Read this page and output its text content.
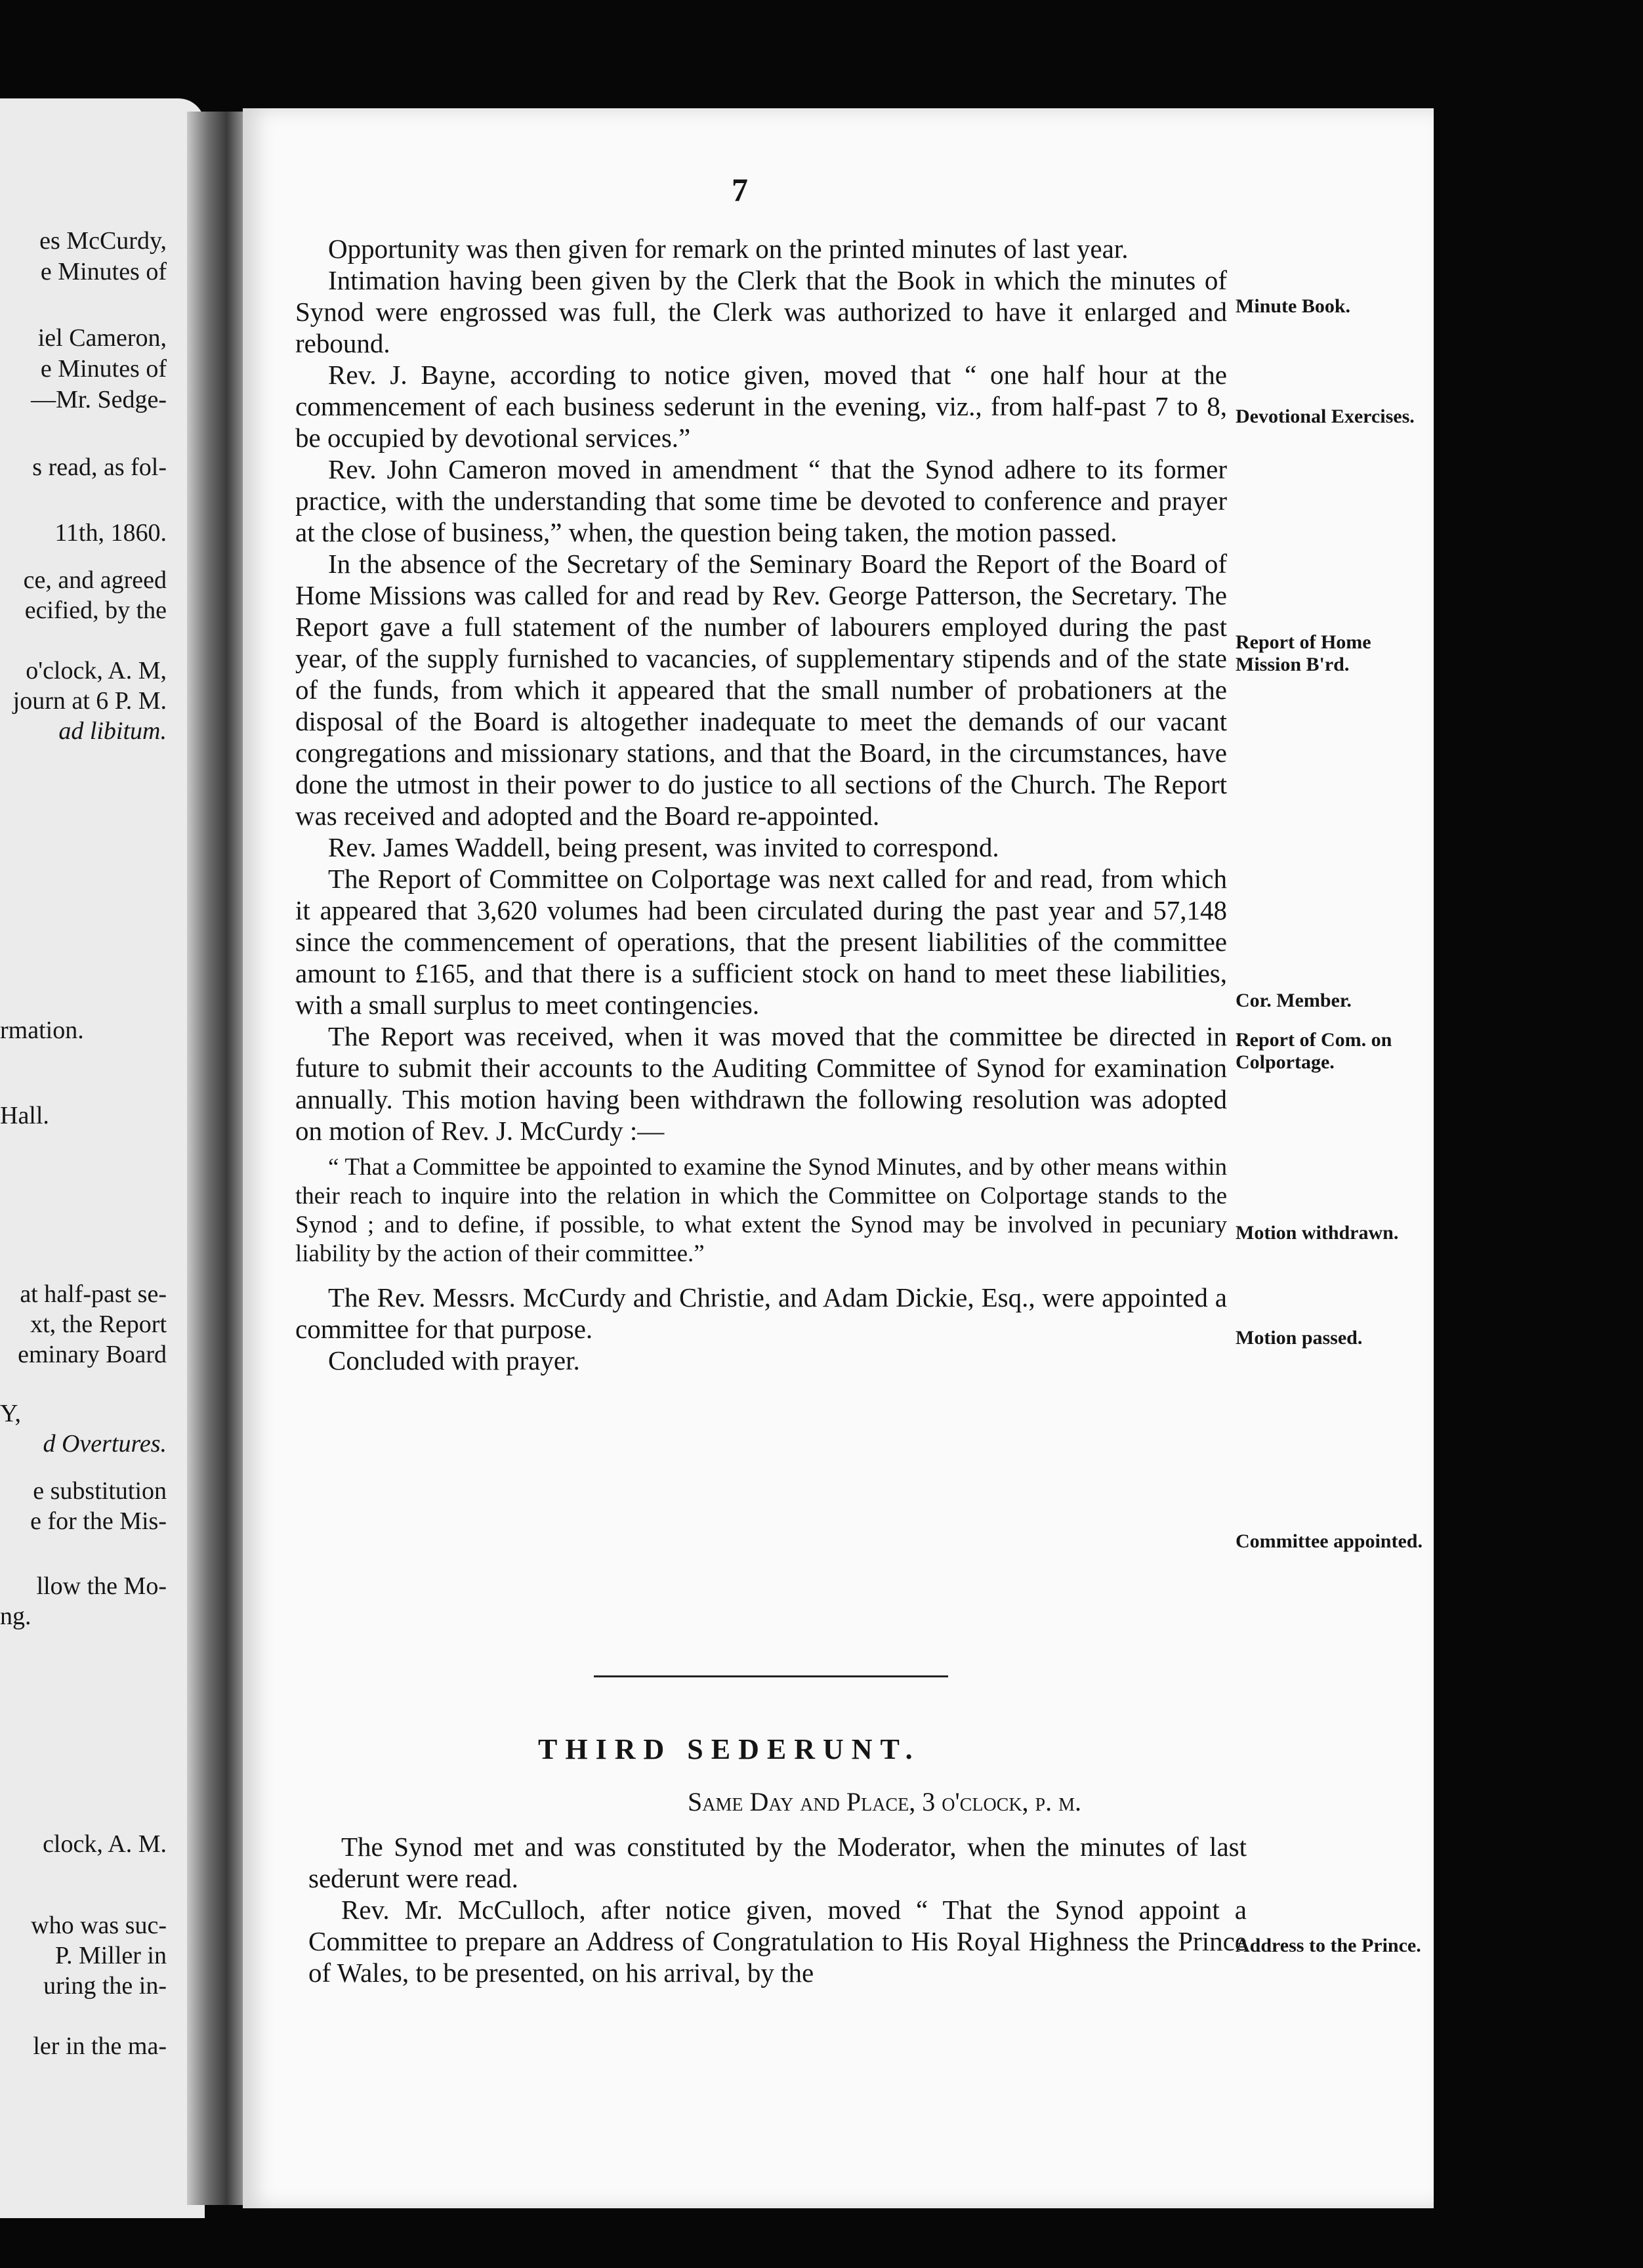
es McCurdy,
e Minutes of
iel Cameron,
e Minutes of
—Mr. Sedge-
s read, as fol-
11th, 1860.
ce, and agreed
ecified, by the
o'clock, A. M,
journ at 6 P. M.
ad libitum.
rmation.
Hall.
at half-past se-
xt, the Report
eminary Board
Y,
d Overtures.
e substitution
e for the Mis-
llow the Mo-
ng.
clock, A. M.
who was suc-
P. Miller in
uring the in-
ler in the ma-
7

Opportunity was then given for remark on the printed minutes of last year.

Intimation having been given by the Clerk that the Book in which the minutes of Synod were engrossed was full, the Clerk was authorized to have it enlarged and rebound.

Rev. J. Bayne, according to notice given, moved that “ one half hour at the commencement of each business sederunt in the evening, viz., from half-past 7 to 8, be occupied by devotional services.”

Rev. John Cameron moved in amendment “ that the Synod adhere to its former practice, with the understanding that some time be devoted to conference and prayer at the close of business,” when, the question being taken, the motion passed.

In the absence of the Secretary of the Seminary Board the Report of the Board of Home Missions was called for and read by Rev. George Patterson, the Secretary. The Report gave a full statement of the number of labourers employed during the past year, of the supply furnished to vacancies, of supplementary stipends and of the state of the funds, from which it appeared that the small number of probationers at the disposal of the Board is altogether inadequate to meet the demands of our vacant congregations and missionary stations, and that the Board, in the circumstances, have done the utmost in their power to do justice to all sections of the Church. The Report was received and adopted and the Board re-appointed.

Rev. James Waddell, being present, was invited to correspond.

The Report of Committee on Colportage was next called for and read, from which it appeared that 3,620 volumes had been circulated during the past year and 57,148 since the commencement of operations, that the present liabilities of the committee amount to £165, and that there is a sufficient stock on hand to meet these liabilities, with a small surplus to meet contingencies.

The Report was received, when it was moved that the committee be directed in future to submit their accounts to the Auditing Committee of Synod for examination annually. This motion having been withdrawn the following resolution was adopted on motion of Rev. J. McCurdy :—

“ That a Committee be appointed to examine the Synod Minutes, and by other means within their reach to inquire into the relation in which the Committee on Colportage stands to the Synod ; and to define, if possible, to what extent the Synod may be involved in pecuniary liability by the action of their committee.”

The Rev. Messrs. McCurdy and Christie, and Adam Dickie, Esq., were appointed a committee for that purpose.

Concluded with prayer.

Minute Book.
Devotional Exercises.
Report of Home Mission B'rd.
Cor. Member.
Report of Com. on Colportage.
Motion withdrawn.
Motion passed.
Committee appointed.
Address to the Prince.
THIRD SEDERUNT.
Same Day and Place, 3 o'clock, p. m.

The Synod met and was constituted by the Moderator, when the minutes of last sederunt were read.

Rev. Mr. McCulloch, after notice given, moved “ That the Synod appoint a Committee to prepare an Address of Congratulation to His Royal Highness the Prince of Wales, to be presented, on his arrival, by the
